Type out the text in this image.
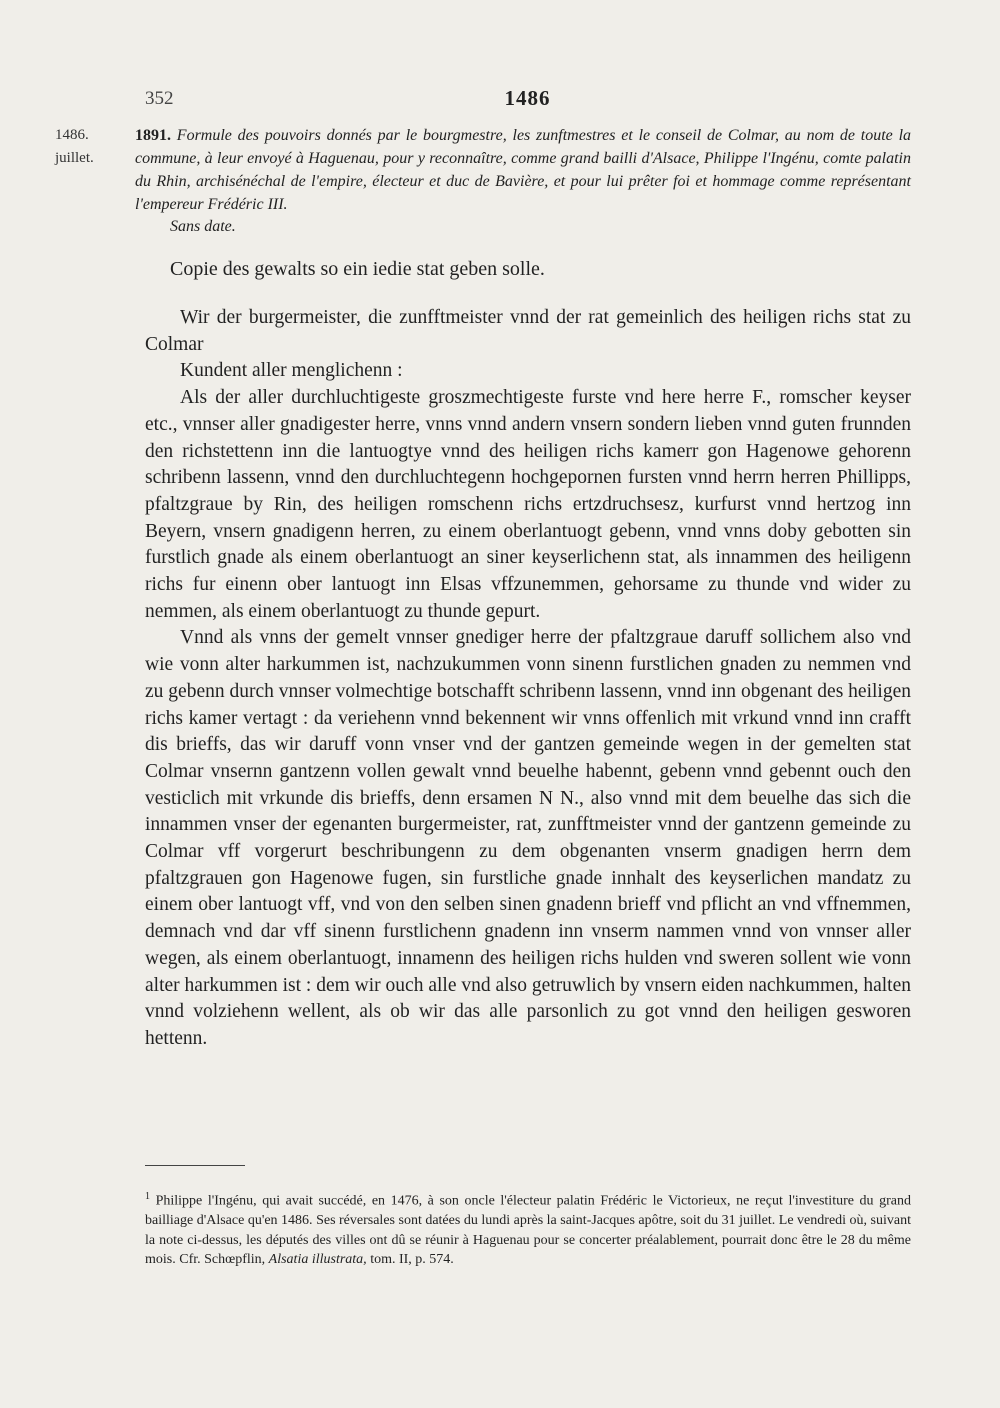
352	1486
1486.
juillet.
1891. Formule des pouvoirs donnés par le bourgmestre, les zunftmestres et le conseil de Colmar, au nom de toute la commune, à leur envoyé à Haguenau, pour y reconnaître, comme grand bailli d'Alsace, Philippe l'Ingénu, comte palatin du Rhin, archisénéchal de l'empire, électeur et duc de Bavière, et pour lui prêter foi et hommage comme représentant l'empereur Frédéric III.
Sans date.
Copie des gewalts so ein iedie stat geben solle.

Wir der burgermeister, die zunfftmeister vnnd der rat gemeinlich des heiligen richs stat zu Colmar

Kundent aller menglichenn :

Als der aller durchluchtigeste groszmechtigeste furste vnd here herre F., romscher keyser etc., vnnser aller gnadigester herre, vnns vnnd andern vnsern sondern lieben vnnd guten frunnden den richstettenn inn die lantuogtye vnnd des heiligen richs kamerr gon Hagenowe gehorenn schribenn lassenn, vnnd den durchluchtegenn hochgepornen fursten vnnd herrn herren Phillipps, pfaltzgraue by Rin, des heiligen romschenn richs ertzdruchsesz, kurfurst vnnd hertzog inn Beyern, vnsern gnadigenn herren, zu einem oberlantuogt gebenn, vnnd vnns doby gebotten sin furstlich gnade als einem oberlantuogt an siner keyserlichenn stat, als innammen des heiligenn richs fur einenn ober lantuogt inn Elsas vffzunemmen, gehorsame zu thunde vnd wider zu nemmen, als einem oberlantuogt zu thunde gepurt.

Vnnd als vnns der gemelt vnnser gnediger herre der pfaltzgraue daruff sollichem also vnd wie vonn alter harkummen ist, nachzukummen vonn sinenn furstlichen gnaden zu nemmen vnd zu gebenn durch vnnser volmechtige botschafft schribenn lassenn, vnnd inn obgenant des heiligen richs kamer vertagt : da veriehenn vnnd bekennent wir vnns offenlich mit vrkund vnnd inn crafft dis brieffs, das wir daruff vonn vnser vnd der gantzen gemeinde wegen in der gemelten stat Colmar vnsernn gantzenn vollen gewalt vnnd beuelhe habennt, gebenn vnnd gebennt ouch den vesticlich mit vrkunde dis brieffs, denn ersamen N N., also vnnd mit dem beuelhe das sich die innammen vnser der egenanten burgermeister, rat, zunfftmeister vnnd der gantzenn gemeinde zu Colmar vff vorgerurt beschribungenn zu dem obgenanten vnserm gnadigen herrn dem pfaltzgrauen gon Hagenowe fugen, sin furstliche gnade innhalt des keyserlichen mandatz zu einem ober lantuogt vff, vnd von den selben sinen gnadenn brieff vnd pflicht an vnd vffnemmen, demnach vnd dar vff sinenn furstlichenn gnadenn inn vnserm nammen vnnd von vnnser aller wegen, als einem oberlantuogt, innamenn des heiligen richs hulden vnd sweren sollent wie vonn alter harkummen ist : dem wir ouch alle vnd also getruwlich by vnsern eiden nachkummen, halten vnnd volziehenn wellent, als ob wir das alle parsonlich zu got vnnd den heiligen gesworen hettenn.

$^1$ Philippe l'Ingénu, qui avait succédé, en 1476, à son oncle l'électeur palatin Frédéric le Victorieux, ne reçut l'investiture du grand bailliage d'Alsace qu'en 1486. Ses réversales sont datées du lundi après la saint-Jacques apôtre, soit du 31 juillet. Le vendredi où, suivant la note ci-dessus, les députés des villes ont dû se réunir à Haguenau pour se concerter préalablement, pourrait donc être le 28 du même mois. Cfr. Schœpflin, Alsatia illustrata, tom. II, p. 574.
